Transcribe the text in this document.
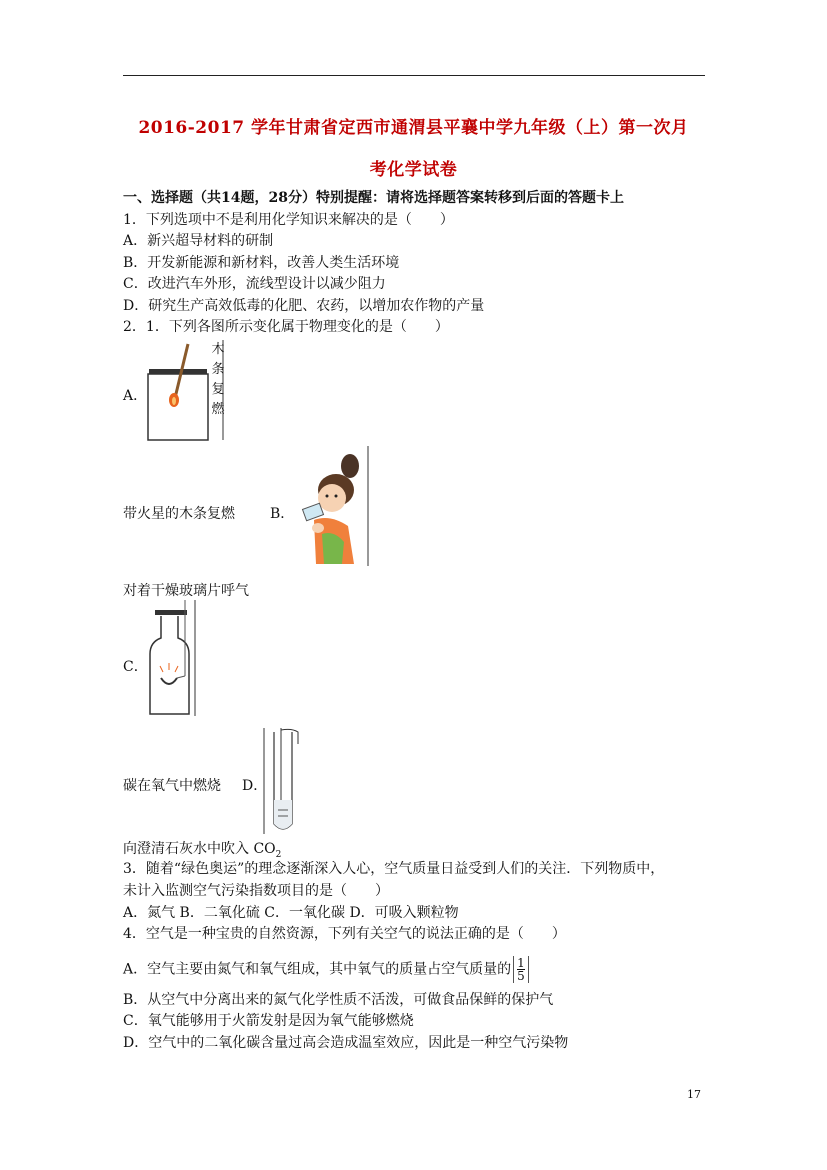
2016-2017 学年甘肃省定西市通渭县平襄中学九年级（上）第一次月
考化学试卷
一、选择题（共14题，28分）特别提醒：请将选择题答案转移到后面的答题卡上
1．下列选项中不是利用化学知识来解决的是（　　）
A．新兴超导材料的研制
B．开发新能源和新材料，改善人类生活环境
C．改进汽车外形，流线型设计以减少阻力
D．研究生产高效低毒的化肥、农药，以增加农作物的产量
2．1．下列各图所示变化属于物理变化的是（　　）
A．
木
条
复
燃
带火星的木条复燃	B．
对着干燥玻璃片呼气
C．
碳在氧气中燃烧 D．
向澄清石灰水中吹入 $CO_2$
3．随着“绿色奥运”的理念逐渐深入人心，空气质量日益受到人们的关注．下列物质中，
未计入监测空气污染指数项目的是（　　）
A．氮气 B．二氧化硫 C．一氧化碳 D．可吸入颗粒物
4．空气是一种宝贵的自然资源，下列有关空气的说法正确的是（　　）
A．空气主要由氮气和氧气组成，其中氧气的质量占空气质量的 $\frac{1}{5}$
B．从空气中分离出来的氮气化学性质不活泼，可做食品保鲜的保护气
C．氧气能够用于火箭发射是因为氧气能够燃烧
D．空气中的二氧化碳含量过高会造成温室效应，因此是一种空气污染物
17
